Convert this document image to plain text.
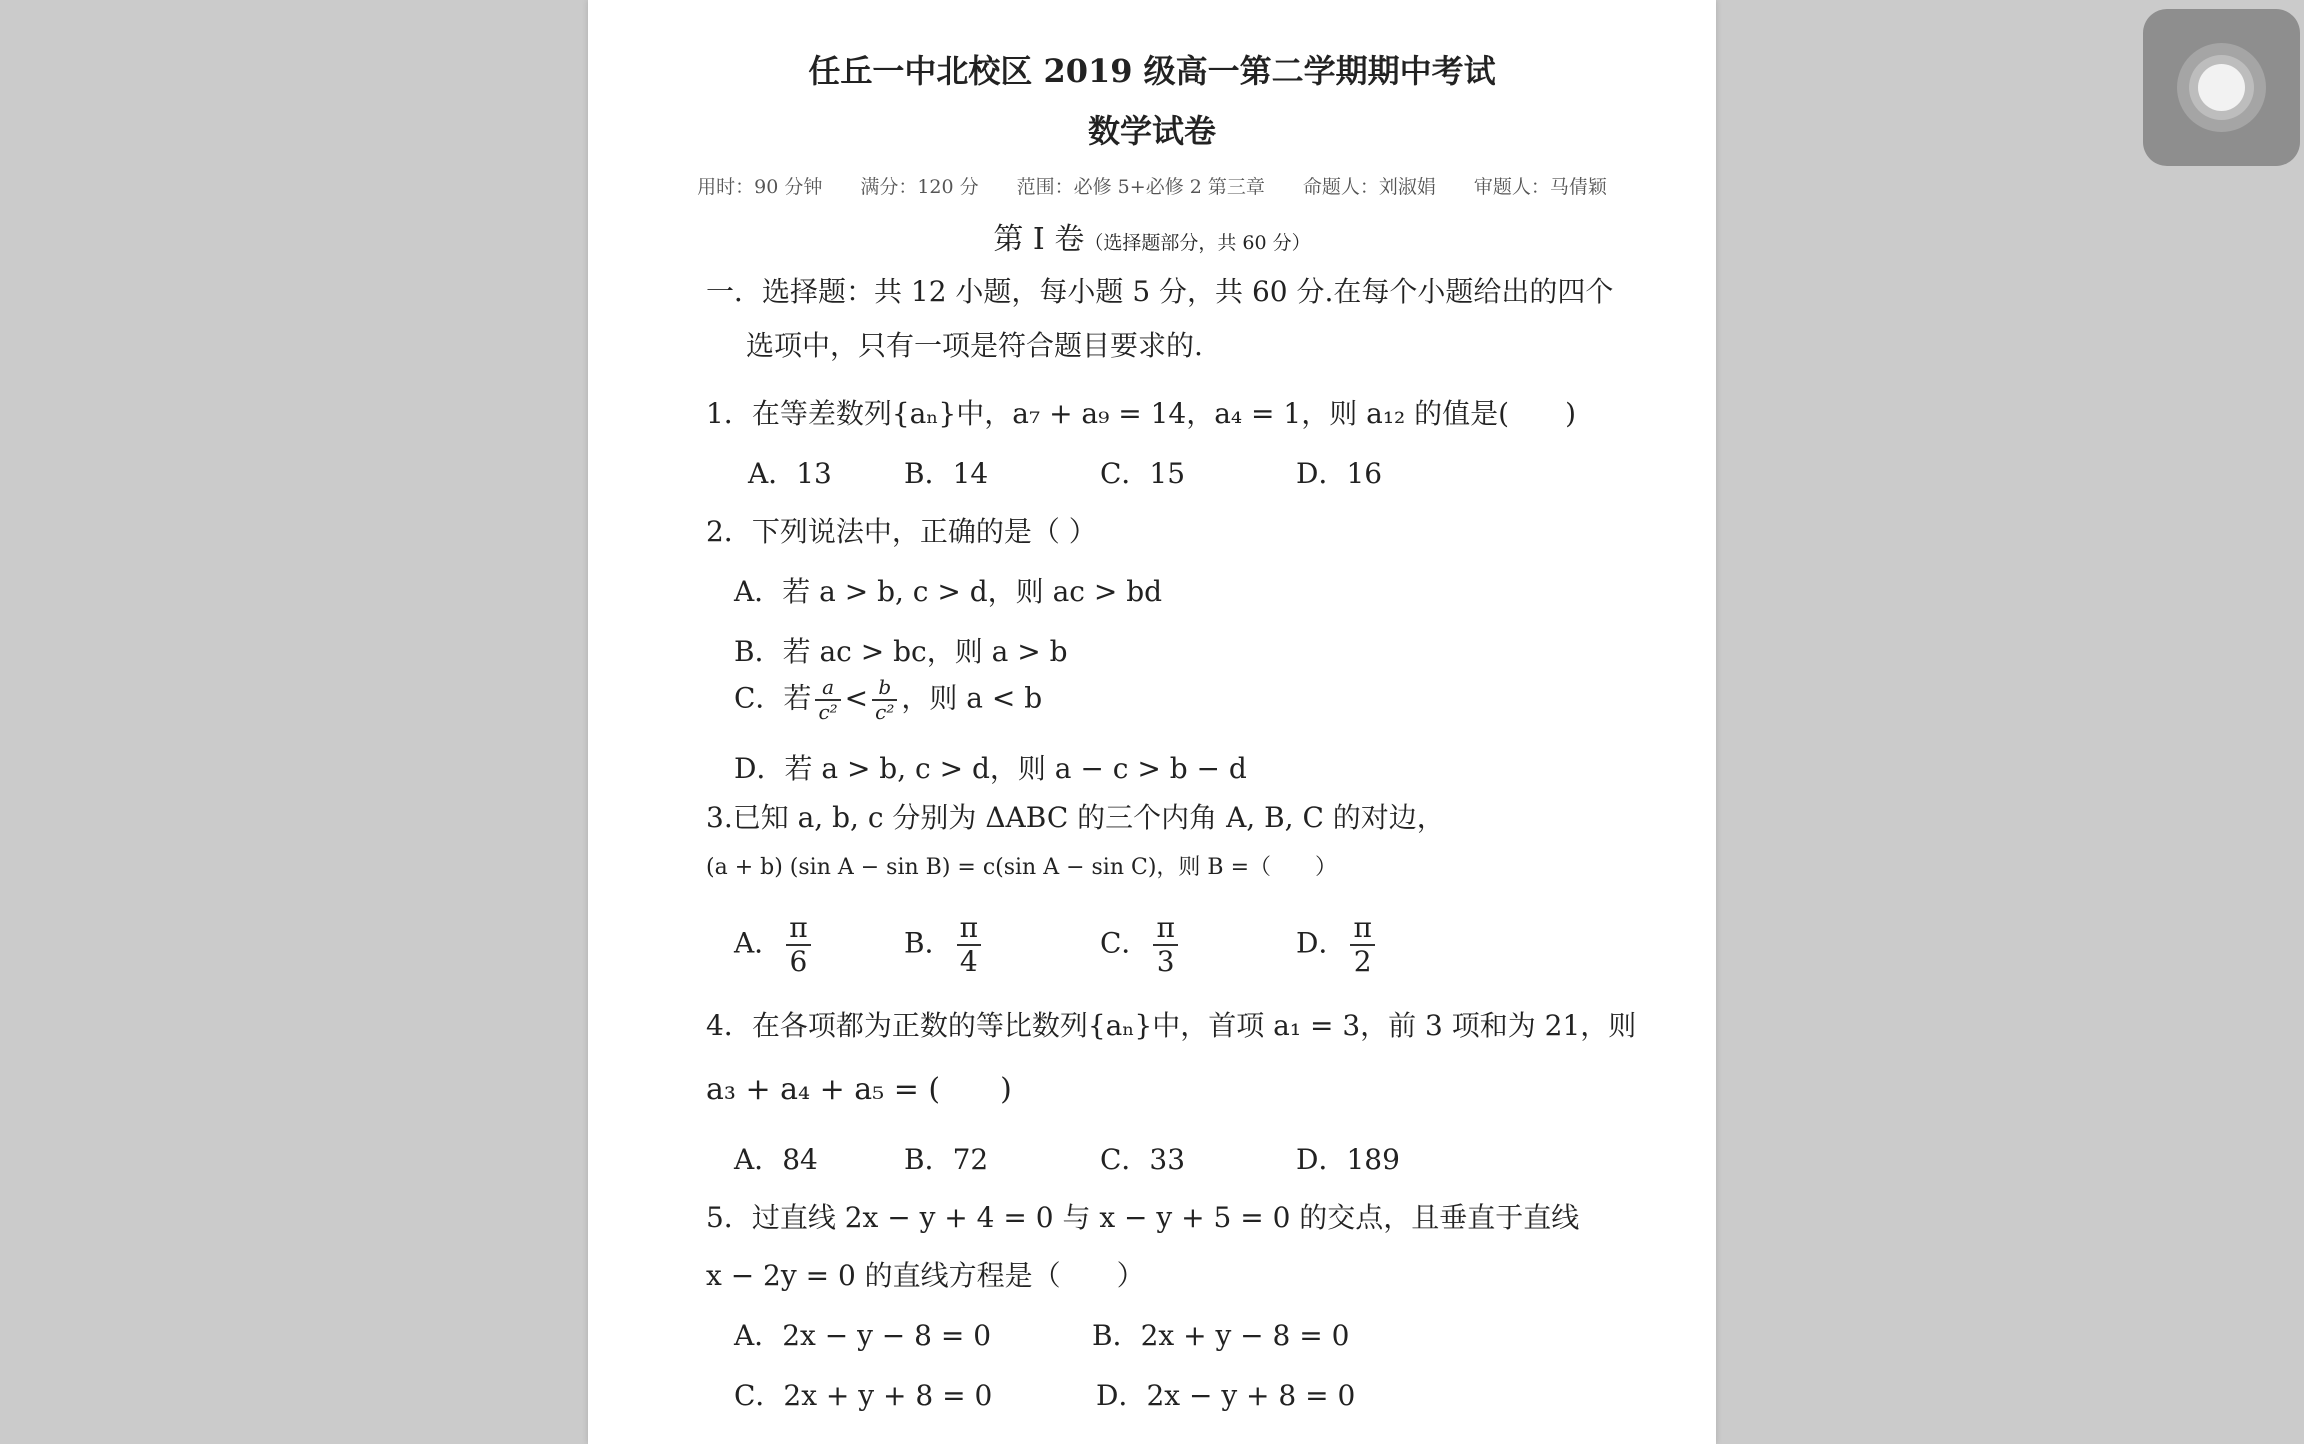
任丘一中北校区 2019 级高一第二学期期中考试
数学试卷
用时：90 分钟　　满分：120 分　　范围：必修 5+必修 2 第三章　　命题人：刘淑娟　　审题人：马倩颖
第 I 卷（选择题部分，共 60 分）
一．选择题：共 12 小题，每小题 5 分，共 60 分.在每个小题给出的四个
选项中，只有一项是符合题目要求的.
1．在等差数列{aₙ}中，a₇ + a₉ = 14，a₄ = 1，则 a₁₂ 的值是(　　)
A．13	B．14	C．15	D．16
2．下列说法中，正确的是（ ）
A．若 a > b, c > d，则 ac > bd
B．若 ac > bc，则 a > b
C．若 $\frac{a}{\text{c²}} < \frac{b}{\text{c²}}$ ，则 a < b
D．若 a > b, c > d，则 a − c > b − d
3.已知 a, b, c 分别为 ΔABC 的三个内角 A, B, C 的对边，
(a + b) (sin A − sin B) = c(sin A − sin C)，则 B =（　　）
A． $\frac{\pi}{6}$	B． $\frac{\pi}{4}$	C． $\frac{\pi}{3}$	D． $\frac{\pi}{2}$
4．在各项都为正数的等比数列{aₙ}中，首项 a₁ = 3，前 3 项和为 21，则
a₃ + a₄ + a₅ = (　　)
A．84	B．72	C．33	D．189
5．过直线 2x − y + 4 = 0 与 x − y + 5 = 0 的交点，且垂直于直线
x − 2y = 0 的直线方程是（　　）
A．2x − y − 8 = 0	B．2x + y − 8 = 0
C．2x + y + 8 = 0	D．2x − y + 8 = 0
